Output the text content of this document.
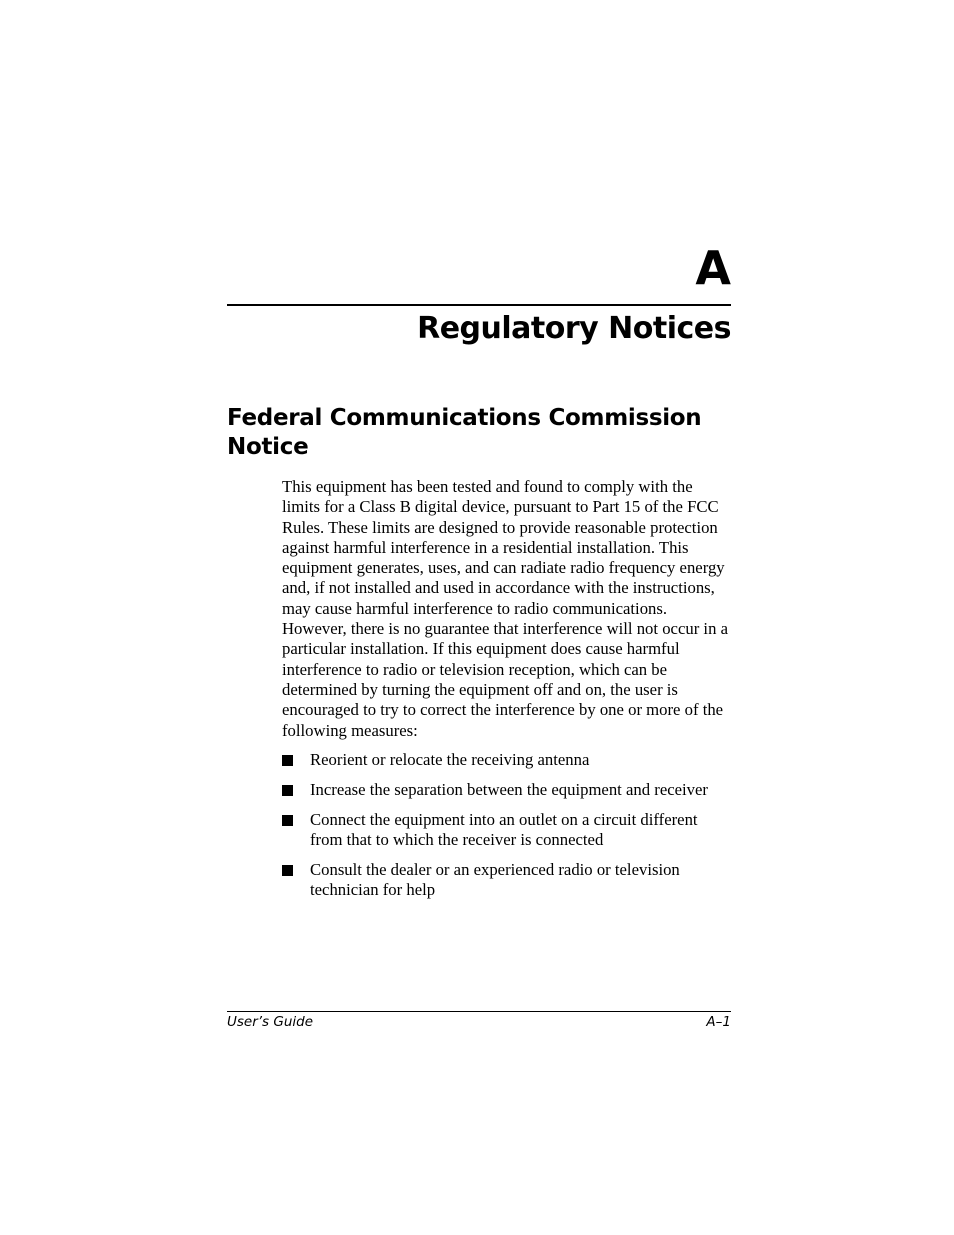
A
Regulatory Notices
Federal Communications Commission Notice
This equipment has been tested and found to comply with the limits for a Class B digital device, pursuant to Part 15 of the FCC Rules. These limits are designed to provide reasonable protection against harmful interference in a residential installation. This equipment generates, uses, and can radiate radio frequency energy and, if not installed and used in accordance with the instructions, may cause harmful interference to radio communications. However, there is no guarantee that interference will not occur in a particular installation. If this equipment does cause harmful interference to radio or television reception, which can be determined by turning the equipment off and on, the user is encouraged to try to correct the interference by one or more of the following measures:
Reorient or relocate the receiving antenna
Increase the separation between the equipment and receiver
Connect the equipment into an outlet on a circuit different from that to which the receiver is connected
Consult the dealer or an experienced radio or television technician for help
User’s Guide	A–1
